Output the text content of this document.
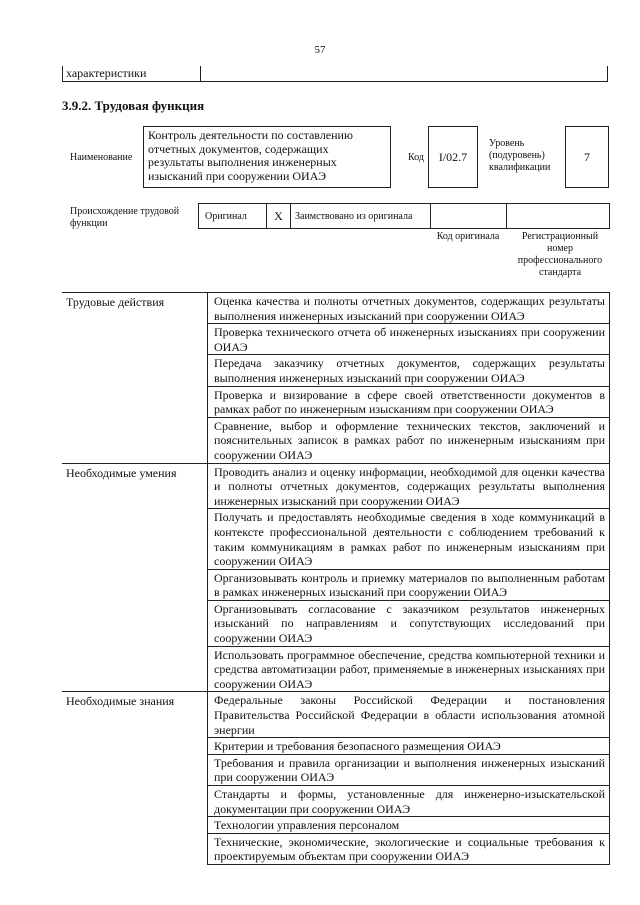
57
характеристики
3.9.2. Трудовая функция
Наименование
Контроль деятельности по составлению отчетных документов, содержащих результаты выполнения инженерных изысканий при сооружении ОИАЭ
Код I/02.7
Уровень (подуровень) квалификации
7
Происхождение трудовой функции
Оригинал	X	Заимствовано из оригинала
Код оригинала	Регистрационный номер профессионального стандарта
Трудовые действия	Оценка качества и полноты отчетных документов, содержащих результаты выполнения инженерных изысканий при сооружении ОИАЭ
	Проверка технического отчета об инженерных изысканиях при сооружении ОИАЭ
	Передача заказчику отчетных документов, содержащих результаты выполнения инженерных изысканий при сооружении ОИАЭ
	Проверка и визирование в сфере своей ответственности документов в рамках работ по инженерным изысканиям при сооружении ОИАЭ
	Сравнение, выбор и оформление технических текстов, заключений и пояснительных записок в рамках работ по инженерным изысканиям при сооружении ОИАЭ
Необходимые умения	Проводить анализ и оценку информации, необходимой для оценки качества и полноты отчетных документов, содержащих результаты выполнения инженерных изысканий при сооружении ОИАЭ
	Получать и предоставлять необходимые сведения в ходе коммуникаций в контексте профессиональной деятельности с соблюдением требований к таким коммуникациям в рамках работ по инженерным изысканиям при сооружении ОИАЭ
	Организовывать контроль и приемку материалов по выполненным работам в рамках инженерных изысканий при сооружении ОИАЭ
	Организовывать согласование с заказчиком результатов инженерных изысканий по направлениям и сопутствующих исследований при сооружении ОИАЭ
	Использовать программное обеспечение, средства компьютерной техники и средства автоматизации работ, применяемые в инженерных изысканиях при сооружении ОИАЭ
Необходимые знания	Федеральные законы Российской Федерации и постановления Правительства Российской Федерации в области использования атомной энергии
	Критерии и требования безопасного размещения ОИАЭ
	Требования и правила организации и выполнения инженерных изысканий при сооружении ОИАЭ
	Стандарты и формы, установленные для инженерно-изыскательской документации при сооружении ОИАЭ
	Технологии управления персоналом
	Технические, экономические, экологические и социальные требования к проектируемым объектам при сооружении ОИАЭ
